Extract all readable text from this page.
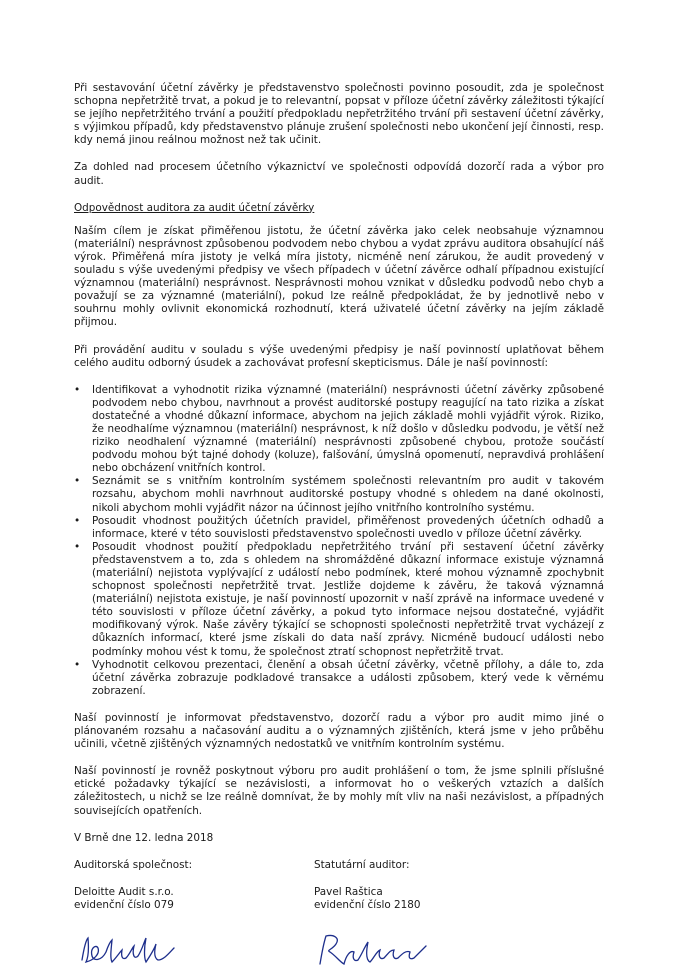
Při sestavování účetní závěrky je představenstvo společnosti povinno posoudit, zda je společnost schopna nepřetržitě trvat, a pokud je to relevantní, popsat v příloze účetní závěrky záležitosti týkající se jejího nepřetržitého trvání a použití předpokladu nepřetržitého trvání při sestavení účetní závěrky, s výjimkou případů, kdy představenstvo plánuje zrušení společnosti nebo ukončení její činnosti, resp. kdy nemá jinou reálnou možnost než tak učinit.

Za dohled nad procesem účetního výkaznictví ve společnosti odpovídá dozorčí rada a výbor pro audit.

Odpovědnost auditora za audit účetní závěrky

Naším cílem je získat přiměřenou jistotu, že účetní závěrka jako celek neobsahuje významnou (materiální) nesprávnost způsobenou podvodem nebo chybou a vydat zprávu auditora obsahující náš výrok. Přiměřená míra jistoty je velká míra jistoty, nicméně není zárukou, že audit provedený v souladu s výše uvedenými předpisy ve všech případech v účetní závěrce odhalí případnou existující významnou (materiální) nesprávnost. Nesprávnosti mohou vznikat v důsledku podvodů nebo chyb a považují se za významné (materiální), pokud lze reálně předpokládat, že by jednotlivě nebo v souhrnu mohly ovlivnit ekonomická rozhodnutí, která uživatelé účetní závěrky na jejím základě přijmou.

Při provádění auditu v souladu s výše uvedenými předpisy je naší povinností uplatňovat během celého auditu odborný úsudek a zachovávat profesní skepticismus. Dále je naší povinností:

• Identifikovat a vyhodnotit rizika významné (materiální) nesprávnosti účetní závěrky způsobené podvodem nebo chybou, navrhnout a provést auditorské postupy reagující na tato rizika a získat dostatečné a vhodné důkazní informace, abychom na jejich základě mohli vyjádřit výrok. Riziko, že neodhalíme významnou (materiální) nesprávnost, k níž došlo v důsledku podvodu, je větší než riziko neodhalení významné (materiální) nesprávnosti způsobené chybou, protože součástí podvodu mohou být tajné dohody (koluze), falšování, úmyslná opomenutí, nepravdivá prohlášení nebo obcházení vnitřních kontrol.
• Seznámit se s vnitřním kontrolním systémem společnosti relevantním pro audit v takovém rozsahu, abychom mohli navrhnout auditorské postupy vhodné s ohledem na dané okolnosti, nikoli abychom mohli vyjádřit názor na účinnost jejího vnitřního kontrolního systému.
• Posoudit vhodnost použitých účetních pravidel, přiměřenost provedených účetních odhadů a informace, které v této souvislosti představenstvo společnosti uvedlo v příloze účetní závěrky.
• Posoudit vhodnost použití předpokladu nepřetržitého trvání při sestavení účetní závěrky představenstvem a to, zda s ohledem na shromážděné důkazní informace existuje významná (materiální) nejistota vyplývající z událostí nebo podmínek, které mohou významně zpochybnit schopnost společnosti nepřetržitě trvat. Jestliže dojdeme k závěru, že taková významná (materiální) nejistota existuje, je naší povinností upozornit v naší zprávě na informace uvedené v této souvislosti v příloze účetní závěrky, a pokud tyto informace nejsou dostatečné, vyjádřit modifikovaný výrok. Naše závěry týkající se schopnosti společnosti nepřetržitě trvat vycházejí z důkazních informací, které jsme získali do data naší zprávy. Nicméně budoucí události nebo podmínky mohou vést k tomu, že společnost ztratí schopnost nepřetržitě trvat.
• Vyhodnotit celkovou prezentaci, členění a obsah účetní závěrky, včetně přílohy, a dále to, zda účetní závěrka zobrazuje podkladové transakce a události způsobem, který vede k věrnému zobrazení.

Naší povinností je informovat představenstvo, dozorčí radu a výbor pro audit mimo jiné o plánovaném rozsahu a načasování auditu a o významných zjištěních, která jsme v jeho průběhu učinili, včetně zjištěných významných nedostatků ve vnitřním kontrolním systému.

Naší povinností je rovněž poskytnout výboru pro audit prohlášení o tom, že jsme splnili příslušné etické požadavky týkající se nezávislosti, a informovat ho o veškerých vztazích a dalších záležitostech, u nichž se lze reálně domnívat, že by mohly mít vliv na naši nezávislost, a případných souvisejících opatřeních.

V Brně dne 12. ledna 2018

Auditorská společnost:

Deloitte Audit s.r.o.

evidenční číslo 079

Statutární auditor:

Pavel Raštica

evidenční číslo 2180
